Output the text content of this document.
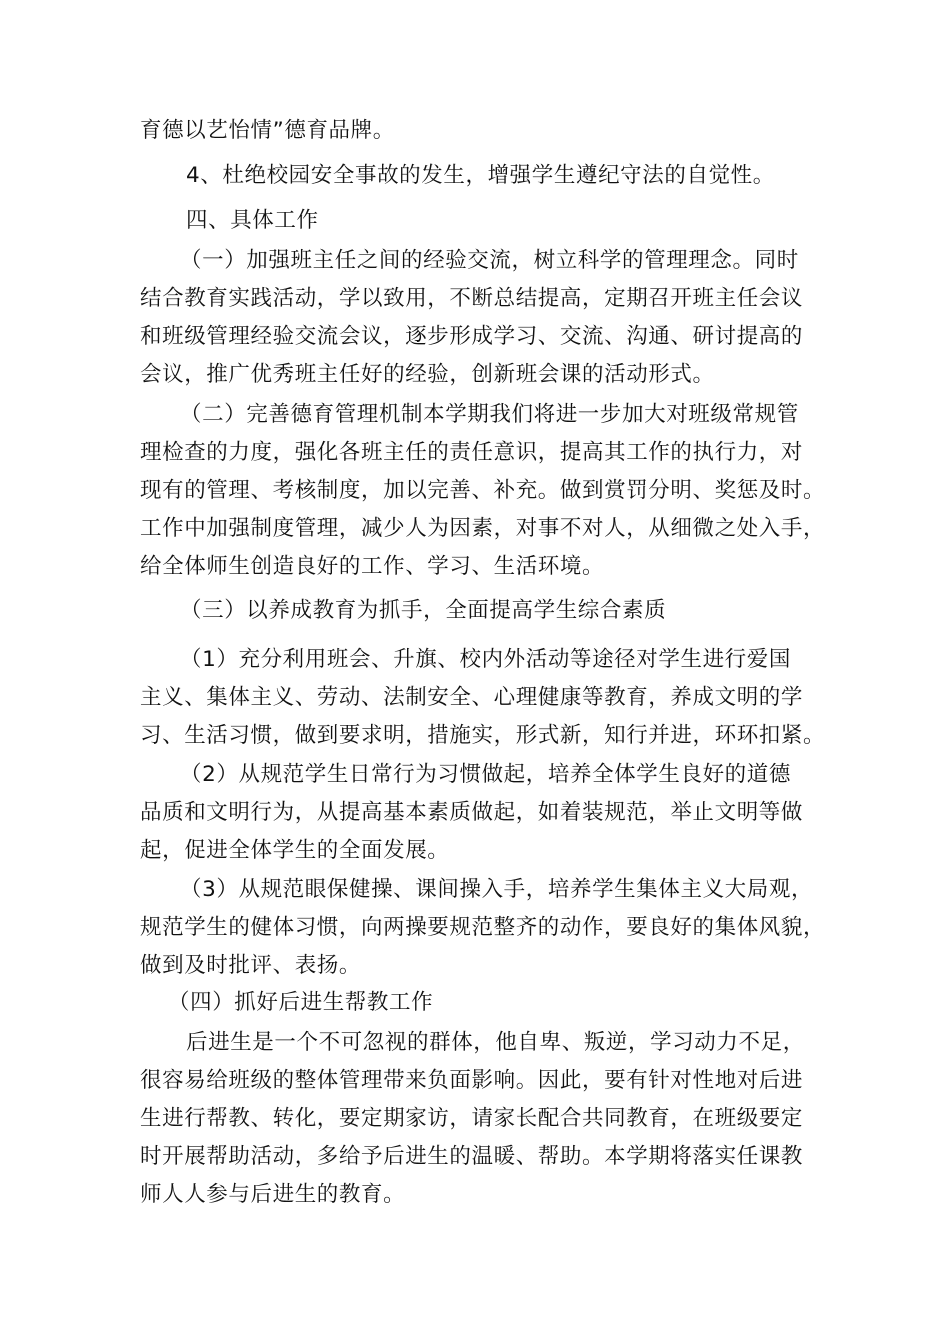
育德以艺怡情”德育品牌。

4、杜绝校园安全事故的发生，增强学生遵纪守法的自觉性。

四、具体工作

（一）加强班主任之间的经验交流，树立科学的管理理念。同时
结合教育实践活动，学以致用，不断总结提高，定期召开班主任会议
和班级管理经验交流会议，逐步形成学习、交流、沟通、研讨提高的
会议，推广优秀班主任好的经验，创新班会课的活动形式。

（二）完善德育管理机制本学期我们将进一步加大对班级常规管
理检查的力度，强化各班主任的责任意识，提高其工作的执行力，对
现有的管理、考核制度，加以完善、补充。做到赏罚分明、奖惩及时。
工作中加强制度管理，减少人为因素，对事不对人，从细微之处入手，
给全体师生创造良好的工作、学习、生活环境。

（三）以养成教育为抓手，全面提高学生综合素质

（1）充分利用班会、升旗、校内外活动等途径对学生进行爱国
主义、集体主义、劳动、法制安全、心理健康等教育，养成文明的学
习、生活习惯，做到要求明，措施实，形式新，知行并进，环环扣紧。

（2）从规范学生日常行为习惯做起，培养全体学生良好的道德
品质和文明行为，从提高基本素质做起，如着装规范，举止文明等做
起，促进全体学生的全面发展。

（3）从规范眼保健操、课间操入手，培养学生集体主义大局观，
规范学生的健体习惯，向两操要规范整齐的动作，要良好的集体风貌，
做到及时批评、表扬。

（四）抓好后进生帮教工作

后进生是一个不可忽视的群体，他自卑、叛逆，学习动力不足，
很容易给班级的整体管理带来负面影响。因此，要有针对性地对后进
生进行帮教、转化，要定期家访，请家长配合共同教育，在班级要定
时开展帮助活动，多给予后进生的温暖、帮助。本学期将落实任课教
师人人参与后进生的教育。
